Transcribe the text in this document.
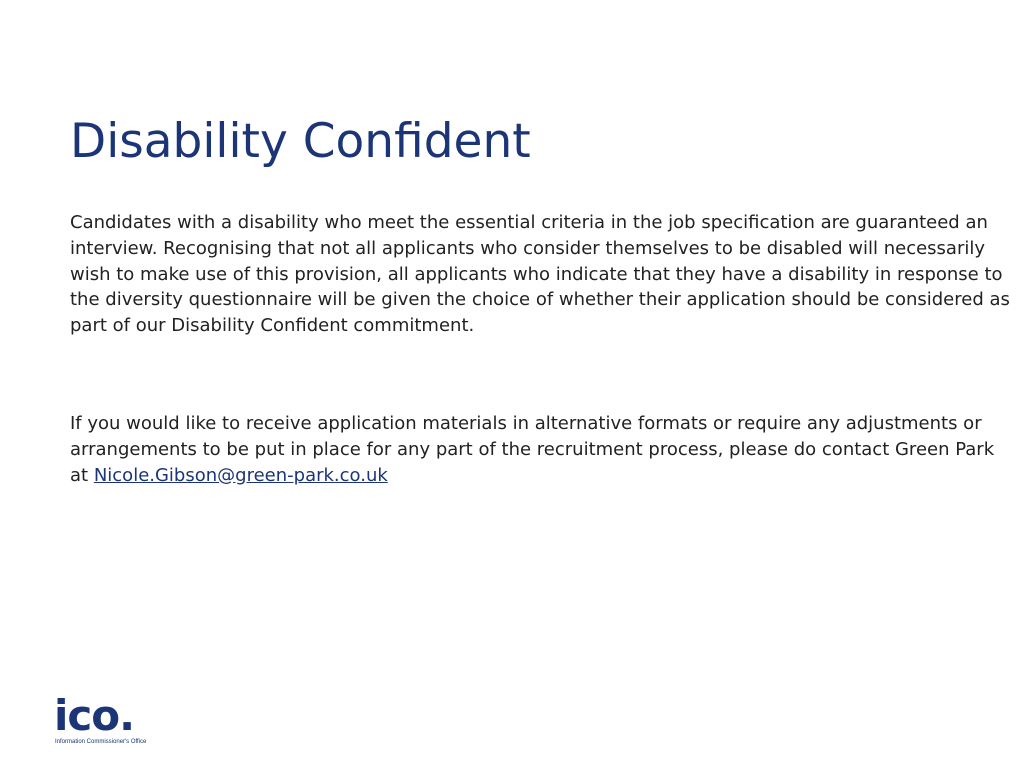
Disability Confident

Candidates with a disability who meet the essential criteria in the job specification are guaranteed an interview. Recognising that not all applicants who consider themselves to be disabled will necessarily wish to make use of this provision, all applicants who indicate that they have a disability in response to the diversity questionnaire will be given the choice of whether their application should be considered as part of our Disability Confident commitment.

If you would like to receive application materials in alternative formats or require any adjustments or arrangements to be put in place for any part of the recruitment process, please do contact Green Park at Nicole.Gibson@green-park.co.uk

ico.
Information Commissioner's Office
